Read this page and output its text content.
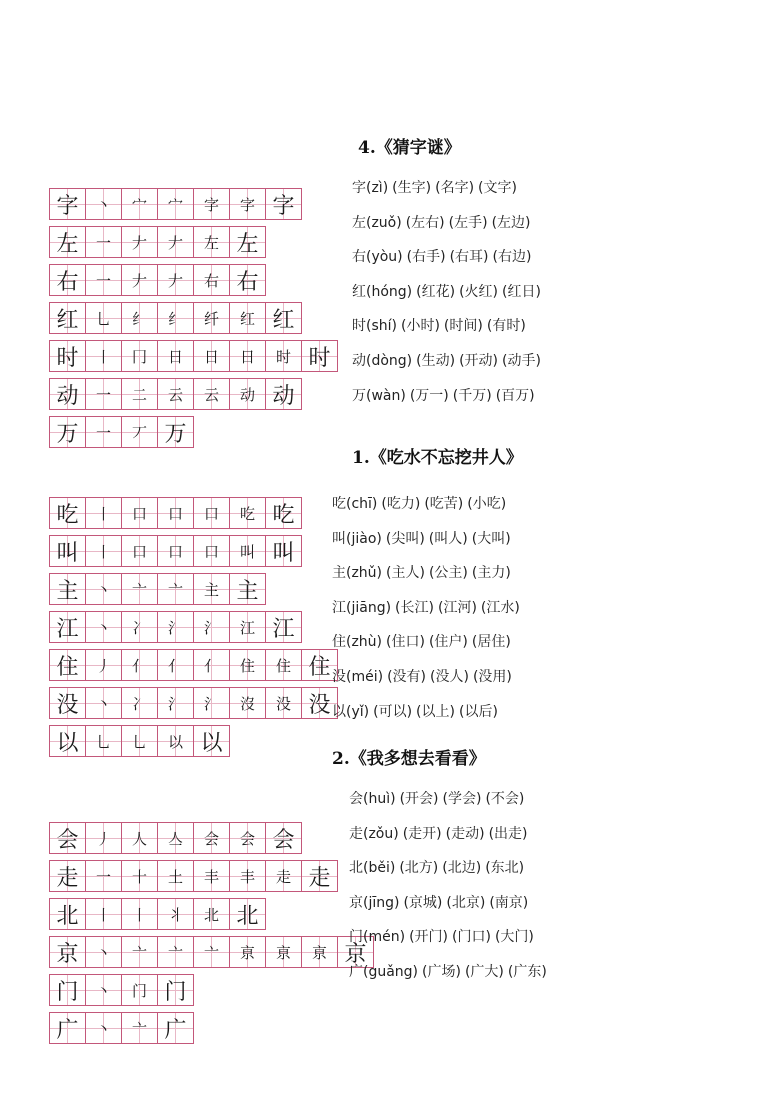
4.《猜字谜》
字	丶	宀	宀	字	字 字
左	一	𠂇	𠂇	左 左
右	一	𠂇	𠂇	右 右
红	乚	纟	纟	纤	红 红
时	丨	冂	日	日	日	时 时
动	一	二	云	云	动 动
万	一	丆 万
字(zì) (生字) (名字) (文字)
左(zuǒ) (左右) (左手) (左边)
右(yòu) (右手) (右耳) (右边)
红(hóng) (红花) (火红) (红日)
时(shí) (小时) (时间) (有时)
动(dòng) (生动) (开动) (动手)
万(wàn) (万一) (千万) (百万)
1.《吃水不忘挖井人》
吃	丨	口	口	口	吃 吃
叫	丨	口	口	口	叫 叫
主	丶	亠	亠	主 主
江	丶	冫	氵	氵	江 江
住	丿	亻	亻	亻	住	住 住
没	丶	冫	氵	氵	沒	没 没
以	乚	乚	以 以
吃(chī) (吃力) (吃苦) (小吃)
叫(jiào) (尖叫) (叫人) (大叫)
主(zhǔ) (主人) (公主) (主力)
江(jiāng) (长江) (江河) (江水)
住(zhù) (住口) (住户) (居住)
没(méi) (没有) (没人) (没用)
以(yǐ) (可以) (以上) (以后)
2.《我多想去看看》
会	丿	人	亼	会	会 会
走	一	十	土	丰	丰	走 走
北	丨	丨	丬	北 北
京	丶	亠	亠	亠	亰	亰	亰 京
门	丶	门 门
广	丶	亠 广
会(huì) (开会) (学会) (不会)
走(zǒu) (走开) (走动) (出走)
北(běi) (北方) (北边) (东北)
京(jīng) (京城) (北京) (南京)
门(mén) (开门) (门口) (大门)
广(guǎng) (广场) (广大) (广东)
